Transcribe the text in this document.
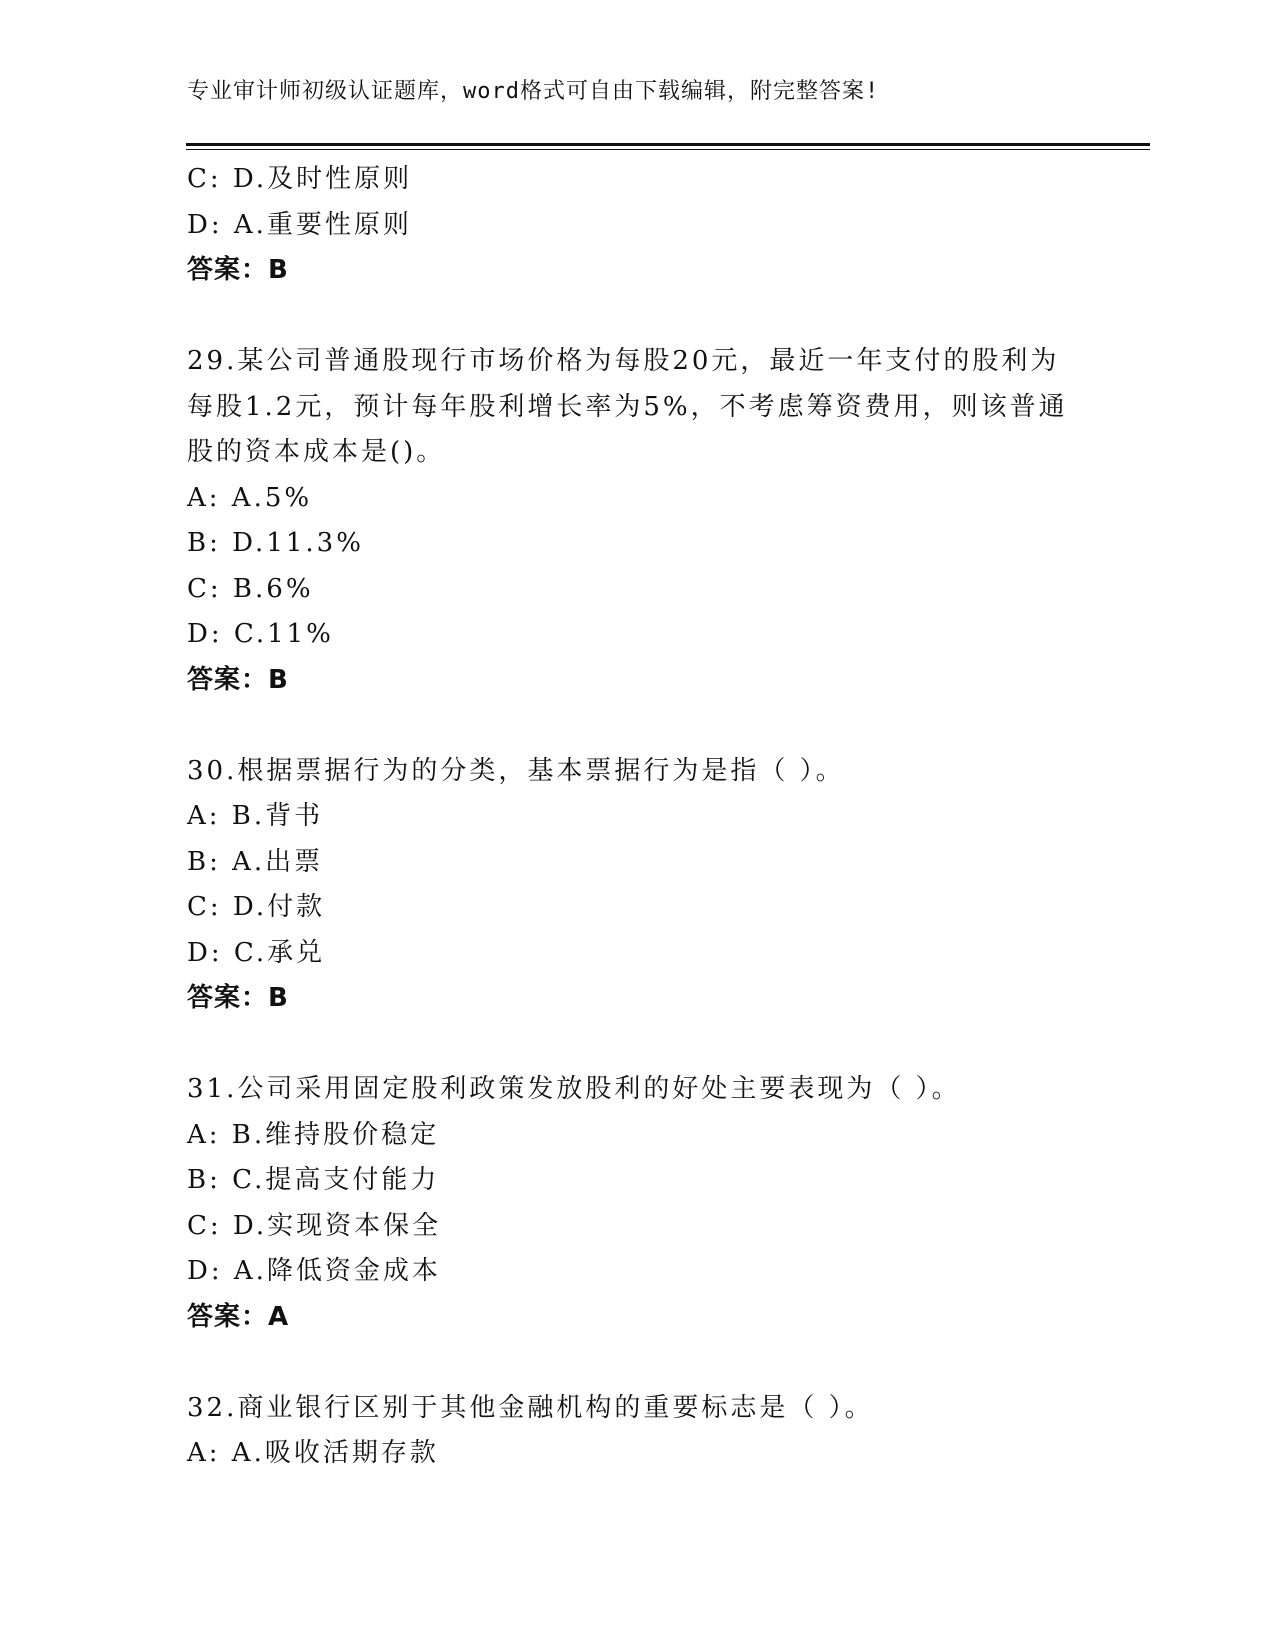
专业审计师初级认证题库，word格式可自由下载编辑，附完整答案!
C: D.及时性原则
D: A.重要性原则
答案：B
29.某公司普通股现行市场价格为每股20元，最近一年支付的股利为
每股1.2元，预计每年股利增长率为5%，不考虑筹资费用，则该普通
股的资本成本是()。
A: A.5%
B: D.11.3%
C: B.6%
D: C.11%
答案：B
30.根据票据行为的分类，基本票据行为是指（ ）。
A: B.背书
B: A.出票
C: D.付款
D: C.承兑
答案：B
31.公司采用固定股利政策发放股利的好处主要表现为（ ）。
A: B.维持股价稳定
B: C.提高支付能力
C: D.实现资本保全
D: A.降低资金成本
答案：A
32.商业银行区别于其他金融机构的重要标志是（ ）。
A: A.吸收活期存款
